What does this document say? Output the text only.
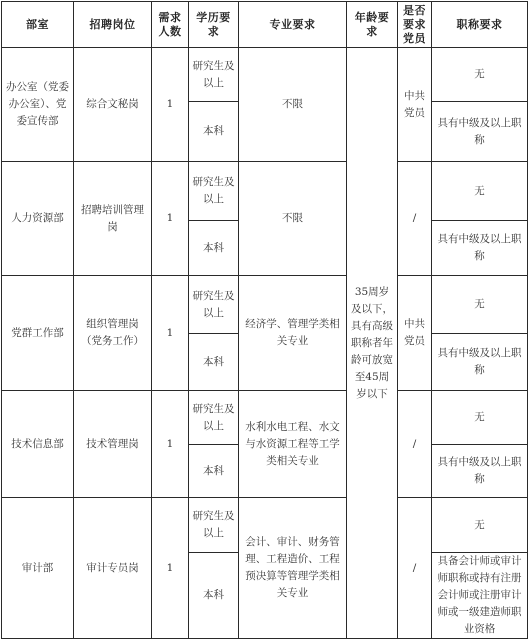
部室	招聘岗位	需求人数	学历要求	专业要求	年龄要求	是否要求党员	职称要求
办公室（党委办公室）、党委宣传部	综合文秘岗	1	研究生及以上	不限	35周岁及以下，具有高级职称者年龄可放宽至45周岁以下	中共党员	无
			本科				具有中级及以上职称
人力资源部	招聘培训管理岗	1	研究生及以上	不限		/	无
			本科				具有中级及以上职称
党群工作部	组织管理岗（党务工作）	1	研究生及以上	经济学、管理学类相关专业		中共党员	无
			本科				具有中级及以上职称
技术信息部	技术管理岗	1	研究生及以上	水利水电工程、水文与水资源工程等工学类相关专业		/	无
			本科				具有中级及以上职称
审计部	审计专员岗	1	研究生及以上	会计、审计、财务管理、工程造价、工程预决算等管理学类相关专业		/	无
			本科				具备会计师或审计师职称或持有注册会计师或注册审计师或一级建造师职业资格
